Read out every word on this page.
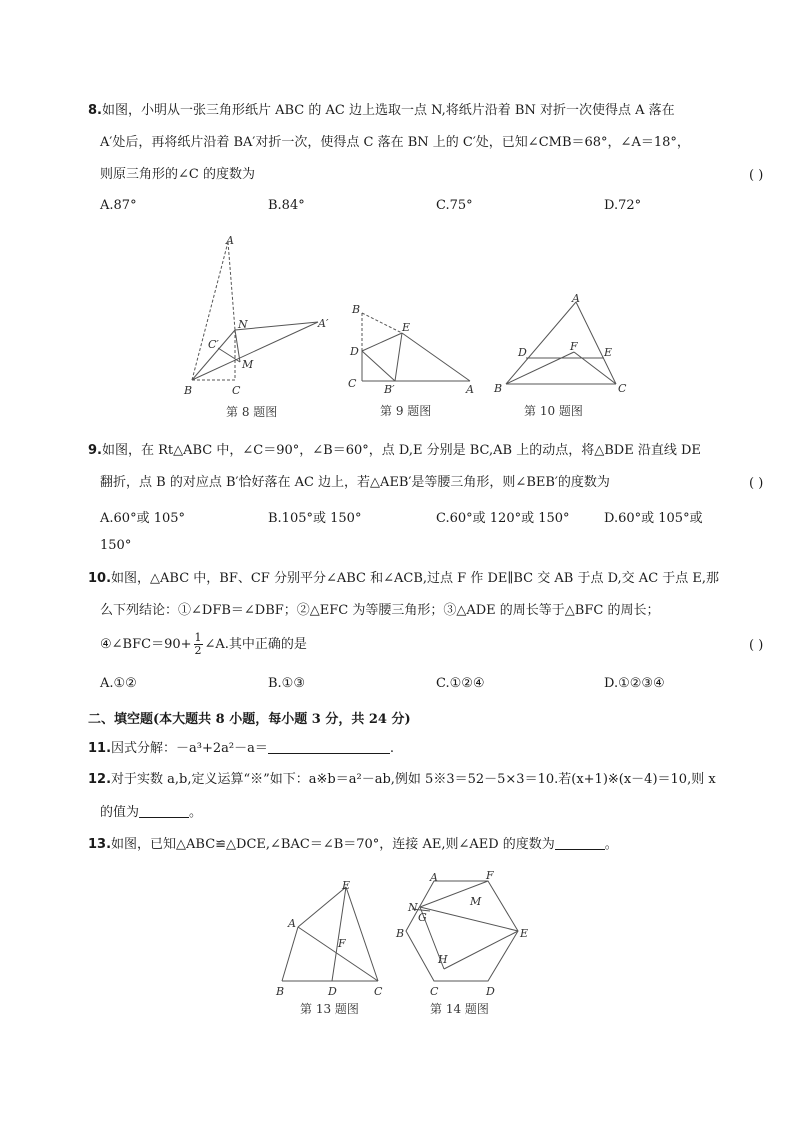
8.如图，小明从一张三角形纸片 ABC 的 AC 边上选取一点 N,将纸片沿着 BN 对折一次使得点 A 落在
A′处后，再将纸片沿着 BA′对折一次，使得点 C 落在 BN 上的 C′处，已知∠CMB＝68°，∠A＝18°，
则原三角形的∠C 的度数为	( )
A.87°	B.84°	C.75°	D.72°
A
N	A′
C′
M
B	C
第 8 题图
B
E
D
C	B′	A
第 9 题图
A
D	F E
B	C
第 10 题图
9.如图，在 Rt△ABC 中，∠C＝90°，∠B＝60°，点 D,E 分别是 BC,AB 上的动点，将△BDE 沿直线 DE
翻折，点 B 的对应点 B′恰好落在 AC 边上，若△AEB′是等腰三角形，则∠BEB′的度数为	( )
A.60°或 105°	B.105°或 150°	C.60°或 120°或 150°	D.60°或 105°或
150°
10.如图，△ABC 中，BF、CF 分别平分∠ABC 和∠ACB,过点 F 作 DE∥BC 交 AB 于点 D,交 AC 于点 E,那
么下列结论：①∠DFB＝∠DBF；②△EFC 为等腰三角形；③△ADE 的周长等于△BFC 的周长；
④∠BFC＝90+ $\frac{1}{2}$ ∠A.其中正确的是	( )
A.①②	B.①③	C.①②④	D.①②③④
二、填空题(本大题共 8 小题，每小题 3 分，共 24 分)
11.因式分解：－a³+2a²－a＝	.
12.对于实数 a,b,定义运算“※”如下：a※b＝a²－ab,例如 5※3＝52－5×3＝10.若(x+1)※(x－4)＝10,则 x
的值为	。
13.如图，已知△ABC≌△DCE,∠BAC＝∠B＝70°，连接 AE,则∠AED 的度数为	。
E
A
F
B	D	C
第 13 题图
A	F
N
G
M
B	E
H
C	D
第 14 题图
